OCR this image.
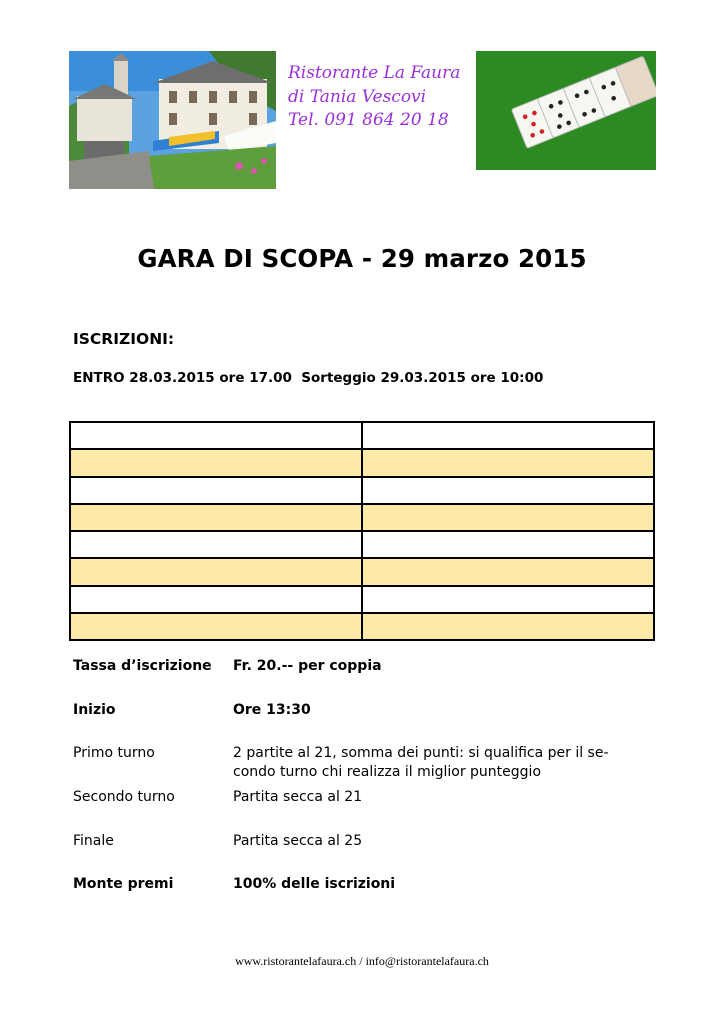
Ristorante La Faura
di Tania Vescovi
Tel. 091 864 20 18
GARA DI SCOPA - 29 marzo 2015
ISCRIZIONI:
ENTRO 28.03.2015 ore 17.00  Sorteggio 29.03.2015 ore 10:00

Tassa d’iscrizione Fr. 20.-- per coppia
Inizio	Ore 13:30
Primo turno	2 partite al 21, somma dei punti: si qualifica per il se-
condo turno chi realizza il miglior punteggio
Secondo turno	Partita secca al 21
Finale	Partita secca al 25
Monte premi	100% delle iscrizioni
www.ristorantelafaura.ch / info@ristorantelafaura.ch
